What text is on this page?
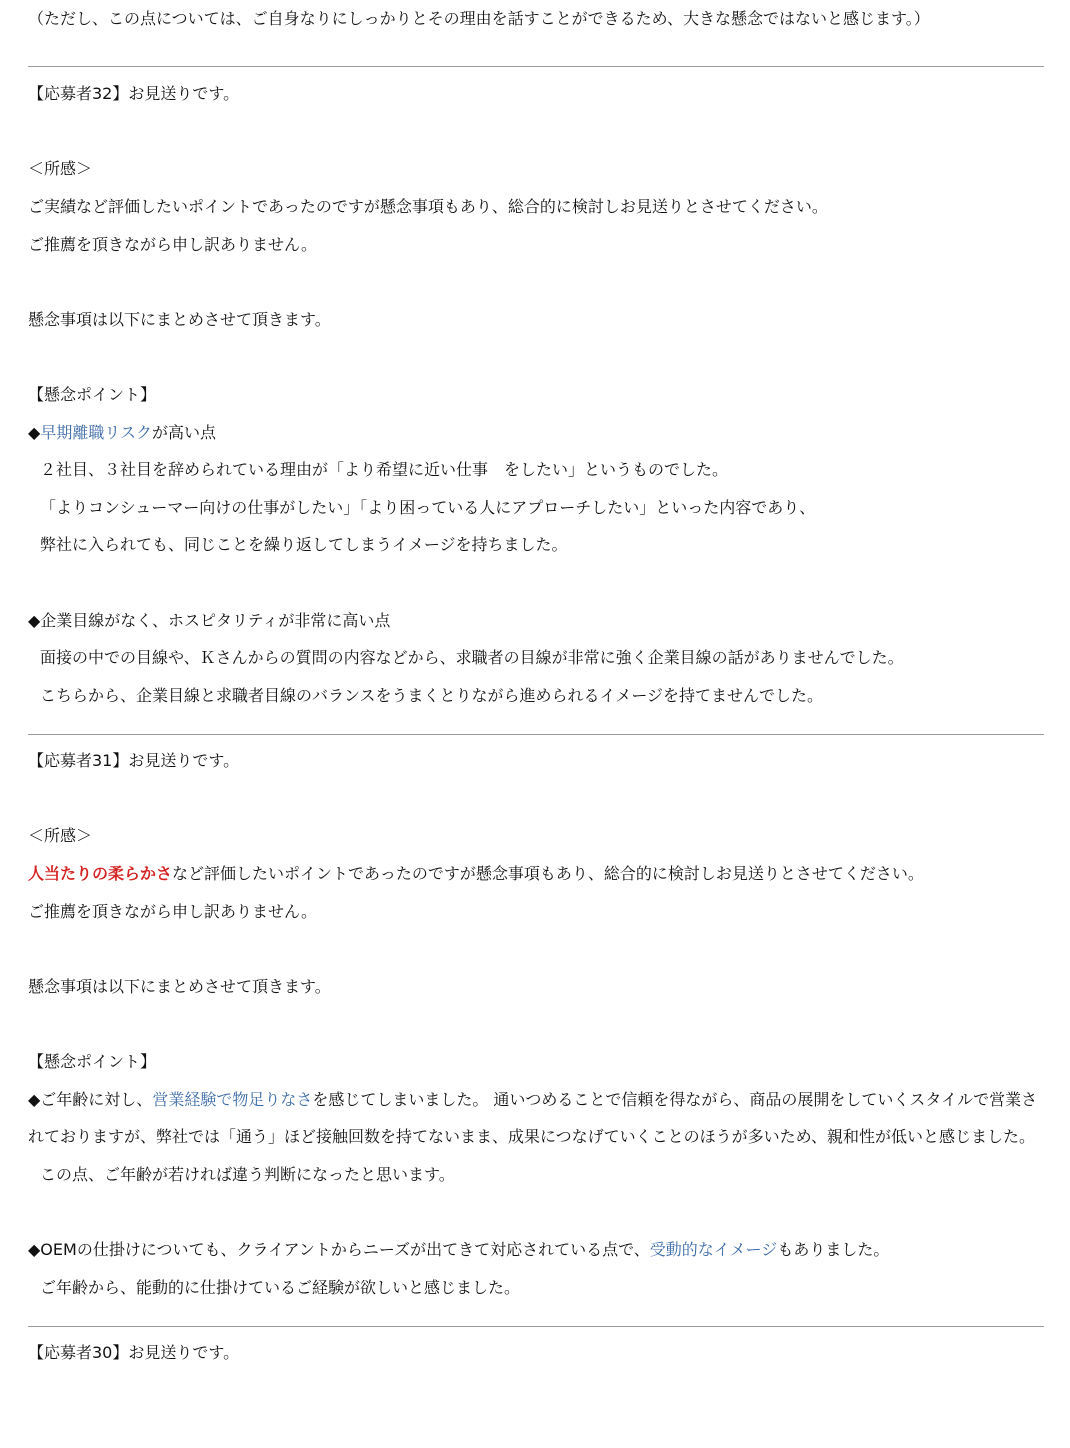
（ただし、この点については、ご自身なりにしっかりとその理由を話すことができるため、大きな懸念ではないと感じます。）
【応募者32】お見送りです。
＜所感＞
ご実績など評価したいポイントであったのですが懸念事項もあり、総合的に検討しお見送りとさせてください。
ご推薦を頂きながら申し訳ありません。
懸念事項は以下にまとめさせて頂きます。
【懸念ポイント】
◆早期離職リスクが高い点
２社目、３社目を辞められている理由が「より希望に近い仕事　をしたい」というものでした。
「よりコンシューマー向けの仕事がしたい」「より困っている人にアプローチしたい」といった内容であり、
弊社に入られても、同じことを繰り返してしまうイメージを持ちました。
◆企業目線がなく、ホスピタリティが非常に高い点
面接の中での目線や、Ｋさんからの質問の内容などから、求職者の目線が非常に強く企業目線の話がありませんでした。
こちらから、企業目線と求職者目線のバランスをうまくとりながら進められるイメージを持てませんでした。
【応募者31】お見送りです。
＜所感＞
人当たりの柔らかさなど評価したいポイントであったのですが懸念事項もあり、総合的に検討しお見送りとさせてください。
ご推薦を頂きながら申し訳ありません。
懸念事項は以下にまとめさせて頂きます。
【懸念ポイント】
◆ご年齢に対し、営業経験で物足りなさを感じてしまいました。 通いつめることで信頼を得ながら、商品の展開をしていくスタイルで営業されておりますが、弊社では「通う」ほど接触回数を持てないまま、成果につなげていくことのほうが多いため、親和性が低いと感じました。
この点、ご年齢が若ければ違う判断になったと思います。
◆OEMの仕掛けについても、クライアントからニーズが出てきて対応されている点で、受動的なイメージもありました。
ご年齢から、能動的に仕掛けているご経験が欲しいと感じました。
【応募者30】お見送りです。
